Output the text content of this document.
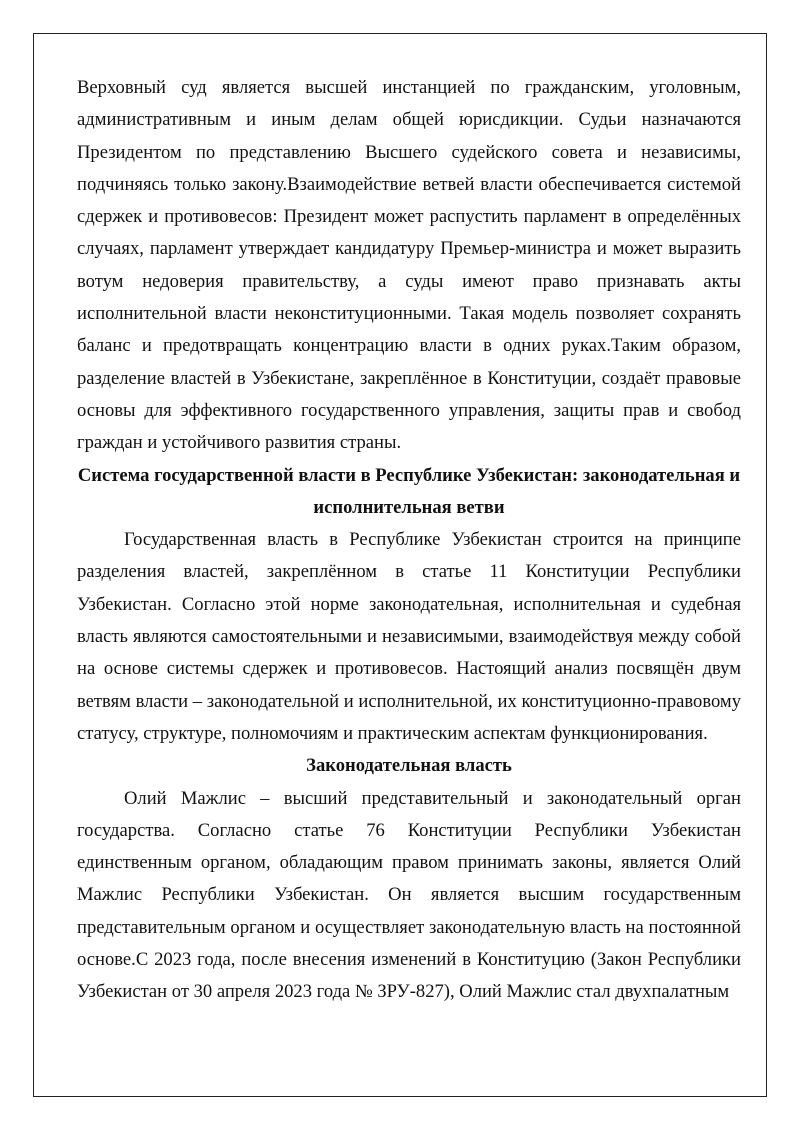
Верховный суд является высшей инстанцией по гражданским, уголовным, административным и иным делам общей юрисдикции. Судьи назначаются Президентом по представлению Высшего судейского совета и независимы, подчиняясь только закону.Взаимодействие ветвей власти обеспечивается системой сдержек и противовесов: Президент может распустить парламент в определённых случаях, парламент утверждает кандидатуру Премьер-министра и может выразить вотум недоверия правительству, а суды имеют право признавать акты исполнительной власти неконституционными. Такая модель позволяет сохранять баланс и предотвращать концентрацию власти в одних руках.Таким образом, разделение властей в Узбекистане, закреплённое в Конституции, создаёт правовые основы для эффективного государственного управления, защиты прав и свобод граждан и устойчивого развития страны.

Система государственной власти в Республике Узбекистан: законодательная и исполнительная ветви

Государственная власть в Республике Узбекистан строится на принципе разделения властей, закреплённом в статье 11 Конституции Республики Узбекистан. Согласно этой норме законодательная, исполнительная и судебная власть являются самостоятельными и независимыми, взаимодействуя между собой на основе системы сдержек и противовесов. Настоящий анализ посвящён двум ветвям власти – законодательной и исполнительной, их конституционно-правовому статусу, структуре, полномочиям и практическим аспектам функционирования.

Законодательная власть

Олий Мажлис – высший представительный и законодательный орган государства. Согласно статье 76 Конституции Республики Узбекистан единственным органом, обладающим правом принимать законы, является Олий Мажлис Республики Узбекистан. Он является высшим государственным представительным органом и осуществляет законодательную власть на постоянной основе.С 2023 года, после внесения изменений в Конституцию (Закон Республики Узбекистан от 30 апреля 2023 года № ЗРУ-827), Олий Мажлис стал двухпалатным
